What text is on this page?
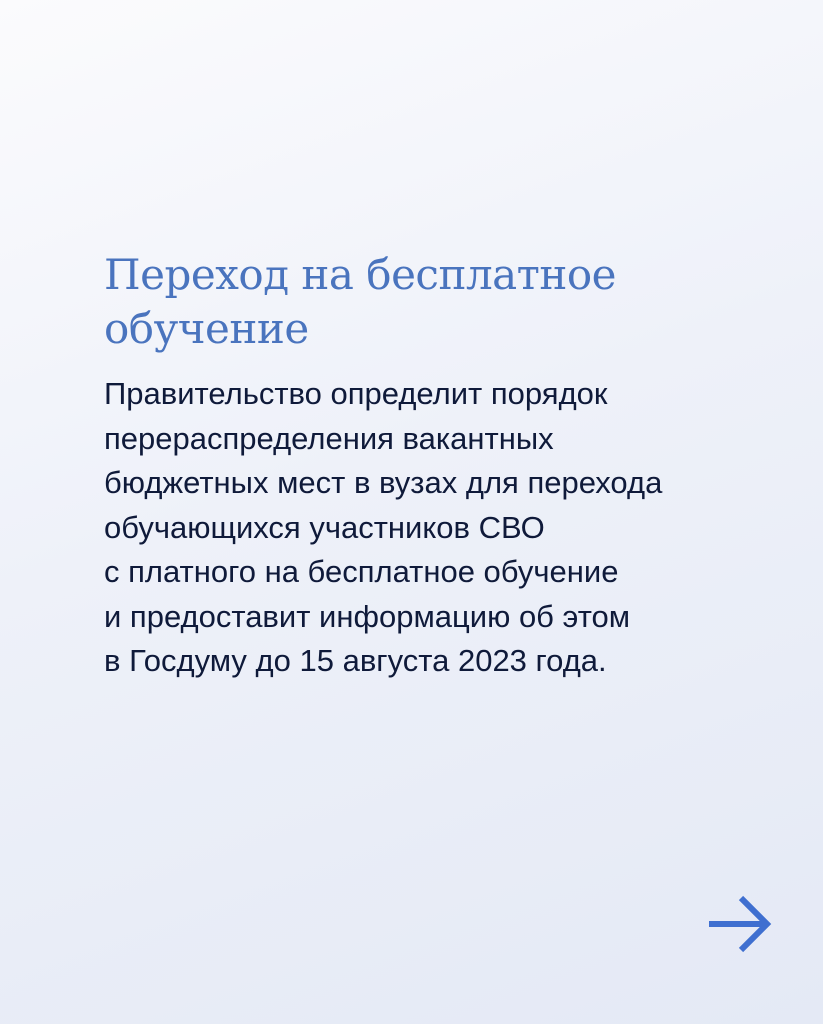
Переход на бесплатное
обучение

Правительство определит порядок
перераспределения вакантных
бюджетных мест в вузах для перехода
обучающихся участников СВО
с платного на бесплатное обучение
и предоставит информацию об этом
в Госдуму до 15 августа 2023 года.
